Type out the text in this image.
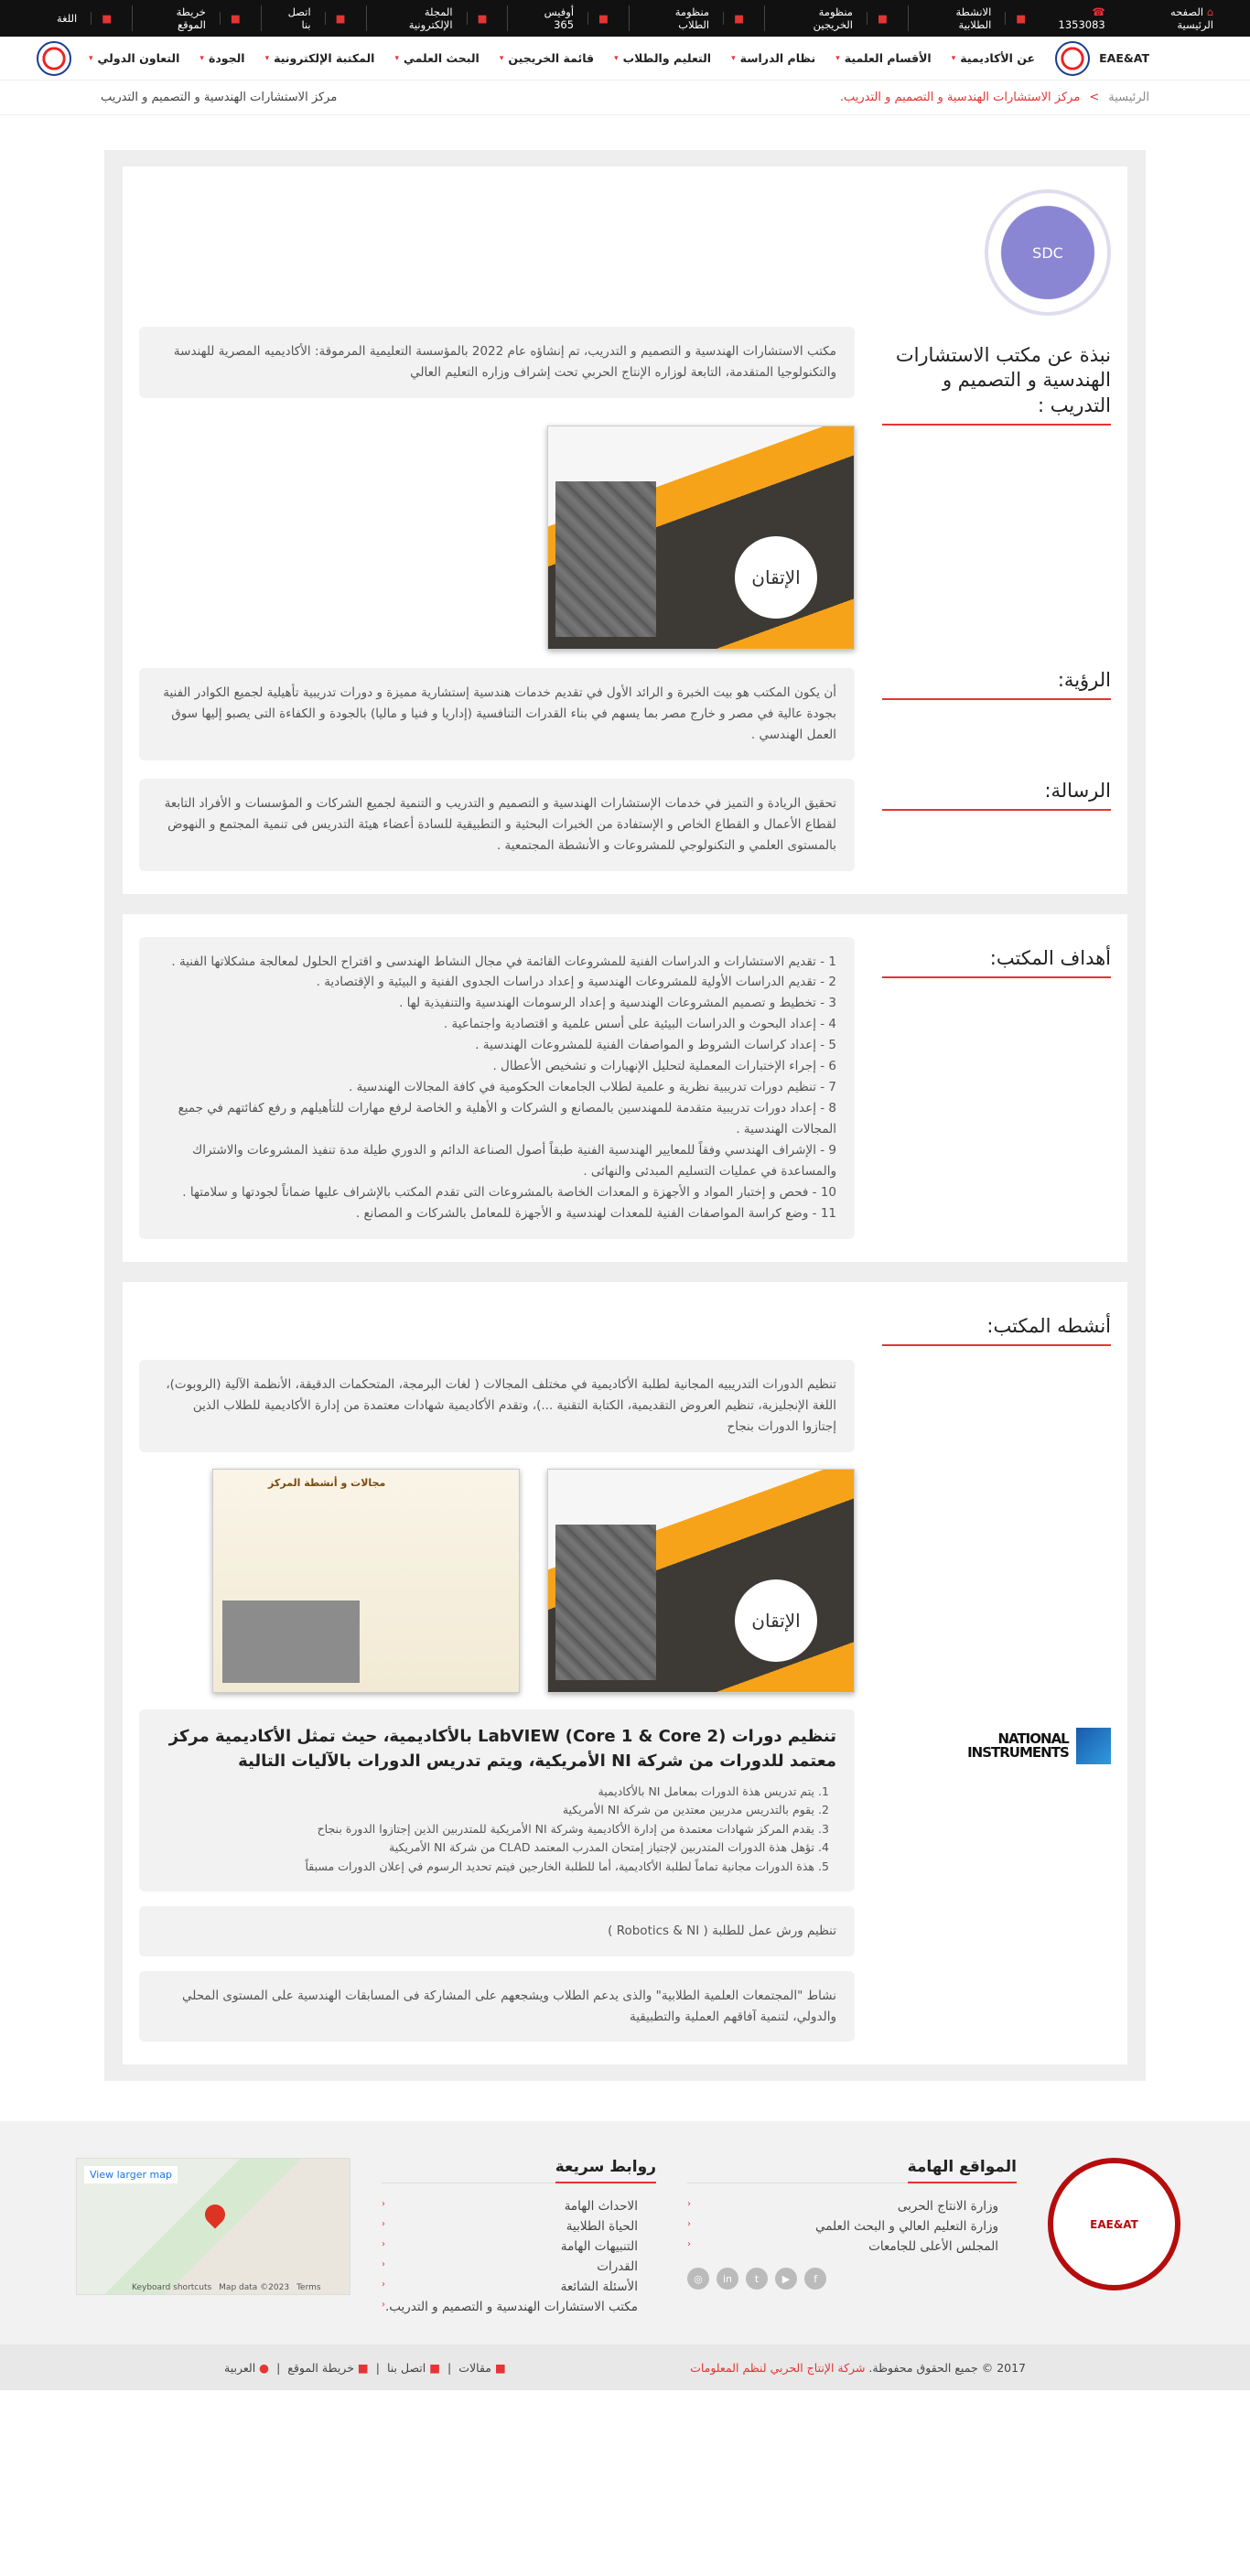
⌂ الصفحه الرئيسية
☎ 1353083
■
الانشطة الطلابية
■
منظومة الخريجين
■
منظومة الطلاب
■
أوفيس 365
■
المجلة الإلكترونية
■
اتصل بنا
■
خريطة الموقع
■
اللغة
EAE&AT
عن الأكاديمية
▾
الأقسام العلمية
▾
نظام الدراسة
▾
التعليم والطلاب
▾
قائمة الخريجين
▾
البحث العلمي
▾
المكتبة الإلكترونية
▾
الجودة
▾
التعاون الدولي
▾
الرئيسية
>
مركز الاستشارات الهندسية و التصميم و التدريب.
مركز الاستشارات الهندسية و التصميم و التدريب
SDC
نبذة عن مكتب الاستشارات الهندسية و التصميم و التدريب :
مكتب الاستشارات الهندسية و التصميم و التدريب، تم إنشاؤه عام 2022 بالمؤسسة التعليمية المرموقة: الأكاديميه المصرية للهندسة والتكنولوجيا المتقدمة، التابعة لوزاره الإنتاج الحربي تحت إشراف وزاره التعليم العالي
الإتقان
الرؤية:
أن يكون المكتب هو بيت الخبرة و الرائد الأول في تقديم خدمات هندسية إستشارية مميزة و دورات تدريبية تأهيلية لجميع الكوادر الفنية بجودة عالية في مصر و خارج مصر بما يسهم في بناء القدرات التنافسية (إداريا و فنيا و ماليا) بالجودة و الكفاءة التى يصبو إليها سوق العمل الهندسي .
الرسالة:
تحقيق الريادة و التميز في خدمات الإستشارات الهندسية و التصميم و التدريب و التنمية لجميع الشركات و المؤسسات و الأفراد التابعة لقطاع الأعمال و القطاع الخاص و الإستفادة من الخبرات البحثية و التطبيقية للسادة أعضاء هيئة التدريس فى تنمية المجتمع و النهوض بالمستوى العلمي و التكنولوجي للمشروعات و الأنشطة المجتمعية .
أهداف المكتب:
1 - تقديم الاستشارات و الدراسات الفنية للمشروعات القائمة في مجال النشاط الهندسى و اقتراح الحلول لمعالجة مشكلاتها الفنية .
2 - تقديم الدراسات الأولية للمشروعات الهندسية و إعداد دراسات الجدوى الفنية و البيئية و الإقتصادية .
3 - تخطيط و تصميم المشروعات الهندسية و إعداد الرسومات الهندسية والتنفيذية لها .
4 - إعداد البحوث و الدراسات البيئية على أسس علمية و اقتصادية واجتماعية .
5 - إعداد كراسات الشروط و المواصفات الفنية للمشروعات الهندسية .
6 - إجراء الإختبارات المعملية لتحليل الإنهيارات و تشخيص الأعطال .
7 - تنظيم دورات تدريبية نظرية و علمية لطلاب الجامعات الحكومية في كافة المجالات الهندسية .
8 - إعداد دورات تدريبية متقدمة للمهندسين بالمصانع و الشركات و الأهلية و الخاصة لرفع مهارات للتأهيلهم و رفع كفائتهم في جميع المجالات الهندسية .
9 - الإشراف الهندسي وفقاً للمعايير الهندسية الفنية طبقاً أصول الصناعة الدائم و الدوري طيلة مدة تنفيذ المشروعات والاشتراك والمساعدة في عمليات التسليم المبدئى والنهائى .
10 - فحص و إختبار المواد و الأجهزة و المعدات الخاصة بالمشروعات التى تقدم المكتب بالإشراف عليها ضماناً لجودتها و سلامتها .
11 - وضع كراسة المواصفات الفنية للمعدات لهندسية و الأجهزة للمعامل بالشركات و المصانع .
أنشطه المكتب:
تنظيم الدورات التدريبيه المجانية لطلبة الأكاديمية في مختلف المجالات ( لغات البرمجة، المتحكمات الدقيقة، الأنظمة الآلية (الروبوت)، اللغة الإنجليزية، تنظيم العروض التقديمية، الكتابة التقنية ...)، وتقدم الأكاديمية شهادات معتمدة من إدارة الأكاديمية للطلاب الذين إجتازوا الدورات بنجاح
الإتقان
مجالات و أنشطة المركز
NATIONAL INSTRUMENTS
تنظيم دورات LabVIEW (Core 1 & Core 2) بالأكاديمية، حيث تمثل الأكاديمية مركز معتمد للدورات من شركة NI الأمريكية، ويتم تدريس الدورات بالآليات التالية
1. يتم تدريس هذة الدورات بمعامل NI بالأكاديمية
2. يقوم بالتدريس مدربين معتدين من شركة NI الأمريكية
3. يقدم المركز شهادات معتمدة من إدارة الأكاديمية وشركة NI الأمريكية للمتدربين الذين إجتازوا الدورة بنجاح
4. تؤهل هذة الدورات المتدربين لإجتياز إمتحان المدرب المعتمد CLAD من شركة NI الأمريكية
5. هذة الدورات مجانية تماماً لطلبة الأكاديمية، أما للطلبة الخارجين فيتم تحديد الرسوم في إعلان الدورات مسبقاً
تنظيم ورش عمل للطلبة ( Robotics & NI )
نشاط "المجتمعات العلمية الطلابية" والذى يدعم الطلاب ويشجعهم على المشاركة فى المسابقات الهندسية على المستوى المحلي والدولي، لتنمية آفاقهم العملية والتطبيقية
EAE&AT
المواقع الهامة
وزارة الانتاج الحربى
‹
وزارة التعليم العالي و البحث العلمي
‹
المجلس الأعلى للجامعات
‹
f
▶
t
in
◎
روابط سريعة
الاحداث الهامة
‹
الحياة الطلابية
‹
التنبيهات الهامة
‹
القدرات
‹
الأسئلة الشائعة
‹
مكتب الاستشارات الهندسية و التصميم و التدريب.
‹
View larger map
Keyboard shortcuts Map data ©2023 Terms
2017 © جميع الحقوق محفوظة. شركة الإنتاج الحربي لنظم المعلومات
■ مقالات
|
■ اتصل بنا
|
■ خريطة الموقع
|
● العربية
